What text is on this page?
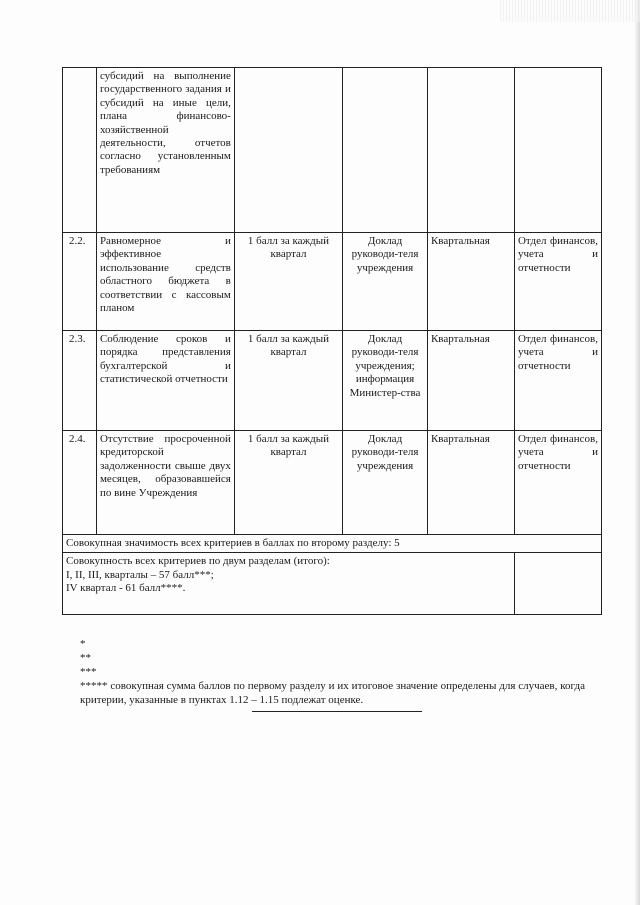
	субсидий на выполнение государственного задания и субсидий на иные цели, плана финансово-хозяйственной деятельности, отчетов согласно установленным требованиям				
2.2.	Равномерное и эффективное использование средств областного бюджета в соответствии с кассовым планом	1 балл за каждый квартал	Доклад руководи-теля учреждения	Квартальная	Отдел финансов, учета и отчетности
2.3.	Соблюдение сроков и порядка представления бухгалтерской и статистической отчетности	1 балл за каждый квартал	Доклад руководи-теля учреждения; информация Министер-ства	Квартальная	Отдел финансов, учета и отчетности
2.4.	Отсутствие просроченной кредиторской задолженности свыше двух месяцев, образовавшейся по вине Учреждения	1 балл за каждый квартал	Доклад руководи-теля учреждения	Квартальная	Отдел финансов, учета и отчетности
Совокупная значимость всех критериев в баллах по второму разделу: 5					

Совокупность всех критериев по двум разделам (итого):
I, II, III, кварталы – 57 балл***;
IV квартал - 61 балл****.					

*

**

***

***** совокупная сумма баллов по первому разделу и их итоговое значение определены для случаев, когда критерии, указанные в пунктах 1.12 – 1.15 подлежат оценке.
